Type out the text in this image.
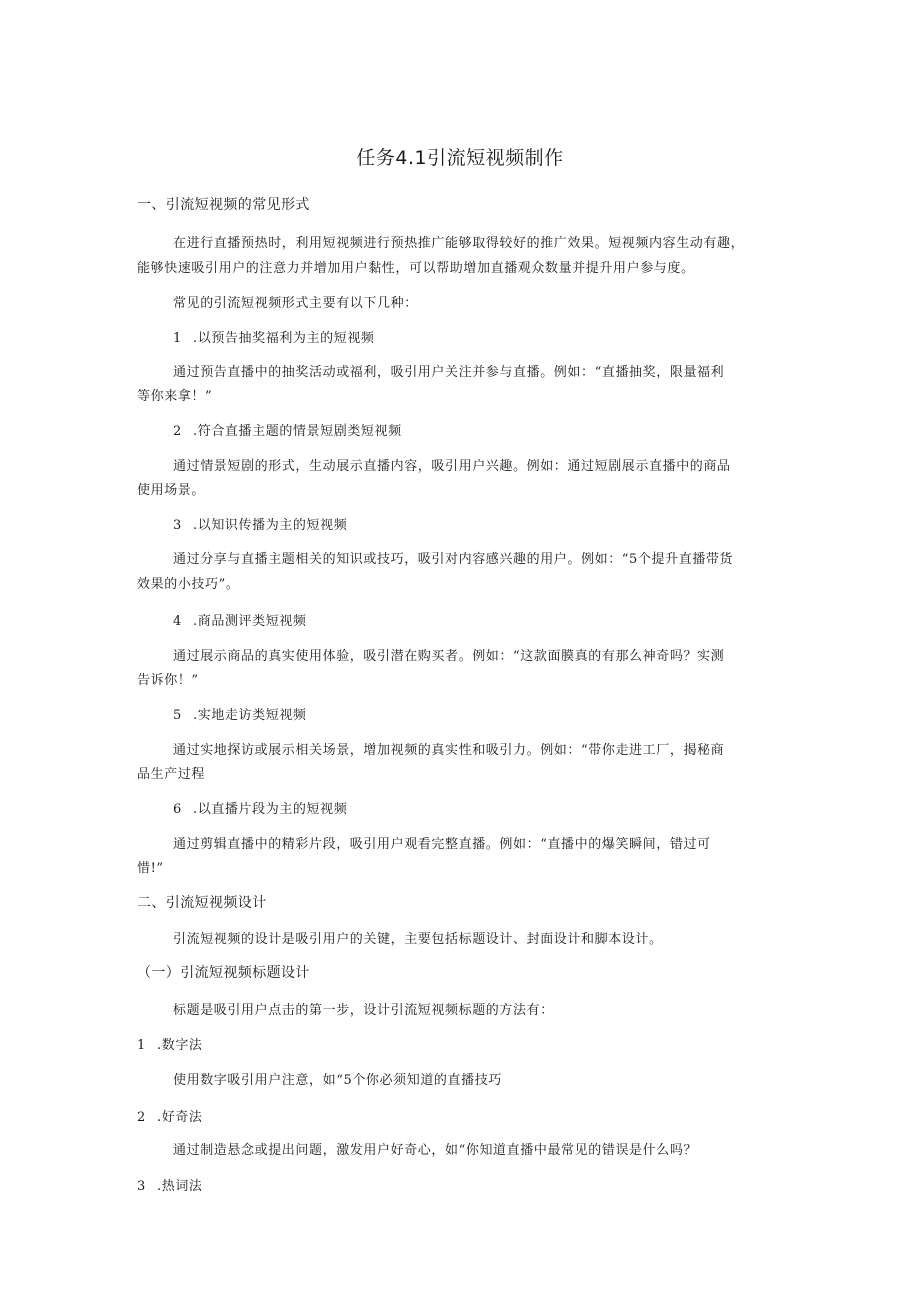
任务4.1引流短视频制作
一、引流短视频的常见形式
在进行直播预热时，利用短视频进行预热推广能够取得较好的推广效果。短视频内容生动有趣，
能够快速吸引用户的注意力并增加用户黏性，可以帮助增加直播观众数量并提升用户参与度。
常见的引流短视频形式主要有以下几种：
1 .以预告抽奖福利为主的短视频
通过预告直播中的抽奖活动或福利，吸引用户关注并参与直播。例如：“直播抽奖，限量福利
等你来拿！”
2 .符合直播主题的情景短剧类短视频
通过情景短剧的形式，生动展示直播内容，吸引用户兴趣。例如：通过短剧展示直播中的商品
使用场景。
3 .以知识传播为主的短视频
通过分享与直播主题相关的知识或技巧，吸引对内容感兴趣的用户。例如：“5个提升直播带货
效果的小技巧”。
4 .商品测评类短视频
通过展示商品的真实使用体验，吸引潜在购买者。例如：“这款面膜真的有那么神奇吗？实测
告诉你！”
5 .实地走访类短视频
通过实地探访或展示相关场景，增加视频的真实性和吸引力。例如：“带你走进工厂，揭秘商
品生产过程
6 .以直播片段为主的短视频
通过剪辑直播中的精彩片段，吸引用户观看完整直播。例如：“直播中的爆笑瞬间，错过可
惜!”
二、引流短视频设计
引流短视频的设计是吸引用户的关键，主要包括标题设计、封面设计和脚本设计。
（一）引流短视频标题设计
标题是吸引用户点击的第一步，设计引流短视频标题的方法有：
1 .数字法
使用数字吸引用户注意，如“5个你必须知道的直播技巧
2 .好奇法
通过制造悬念或提出问题，激发用户好奇心，如“你知道直播中最常见的错误是什么吗？
3 .热词法
